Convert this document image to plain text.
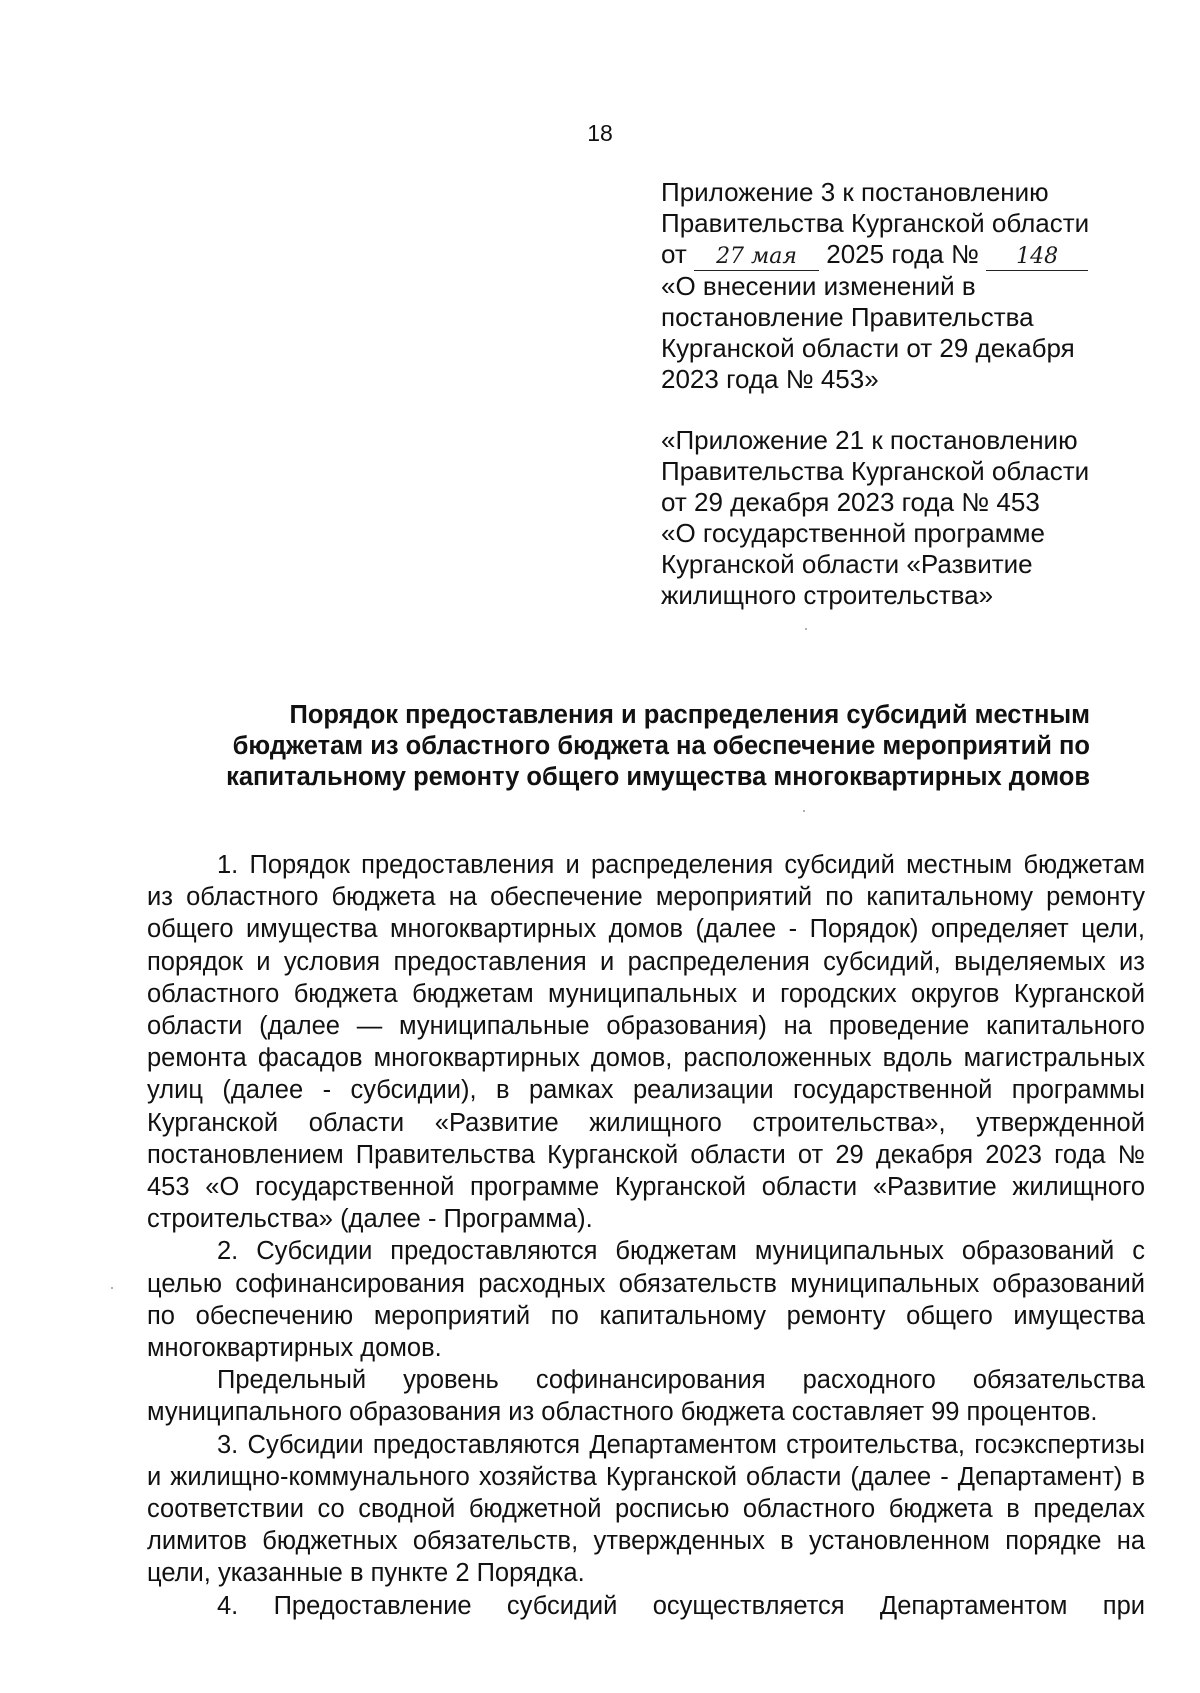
18
Приложение 3 к постановлению
Правительства Курганской области
от 27 мая 2025 года № 148
«О внесении изменений в
постановление Правительства
Курганской области от 29 декабря
2023 года № 453»
«Приложение 21 к постановлению
Правительства Курганской области
от 29 декабря 2023 года № 453
«О государственной программе
Курганской области «Развитие
жилищного строительства»
Порядок предоставления и распределения субсидий местным
бюджетам из областного бюджета на обеспечение мероприятий по
капитальному ремонту общего имущества многоквартирных домов

1. Порядок предоставления и распределения субсидий местным бюджетам из областного бюджета на обеспечение мероприятий по капитальному ремонту общего имущества многоквартирных домов (далее - Порядок) определяет цели, порядок и условия предоставления и распределения субсидий, выделяемых из областного бюджета бюджетам муниципальных и городских округов Курганской области (далее — муниципальные образования) на проведение капитального ремонта фасадов многоквартирных домов, расположенных вдоль магистральных улиц (далее - субсидии), в рамках реализации государственной программы Курганской области «Развитие жилищного строительства», утвержденной постановлением Правительства Курганской области от 29 декабря 2023 года № 453 «О государственной программе Курганской области «Развитие жилищного строительства» (далее - Программа).

2. Субсидии предоставляются бюджетам муниципальных образований с целью софинансирования расходных обязательств муниципальных образований по обеспечению мероприятий по капитальному ремонту общего имущества многоквартирных домов.

Предельный уровень софинансирования расходного обязательства муниципального образования из областного бюджета составляет 99 процентов.

3. Субсидии предоставляются Департаментом строительства, госэкспертизы и жилищно-коммунального хозяйства Курганской области (далее - Департамент) в соответствии со сводной бюджетной росписью областного бюджета в пределах лимитов бюджетных обязательств, утвержденных в установленном порядке на цели, указанные в пункте 2 Порядка.

4. Предоставление субсидий осуществляется Департаментом при
